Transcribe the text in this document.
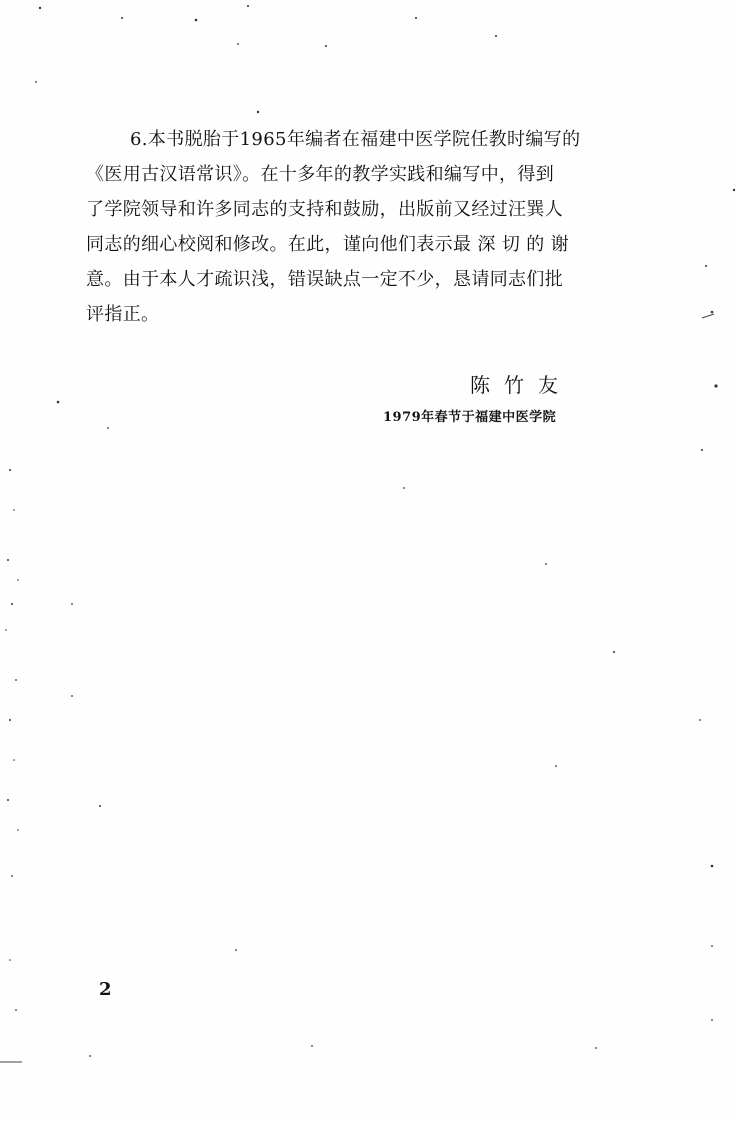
6.本书脱胎于1965年编者在福建中医学院任教时编写的
《医用古汉语常识》。在十多年的教学实践和编写中，得到
了学院领导和许多同志的支持和鼓励，出版前又经过汪巽人
同志的细心校阅和修改。在此，谨向他们表示最 深 切 的 谢
意。由于本人才疏识浅，错误缺点一定不少，恳请同志们批
评指正。

陈竹友
1979年春节于福建中医学院
2
